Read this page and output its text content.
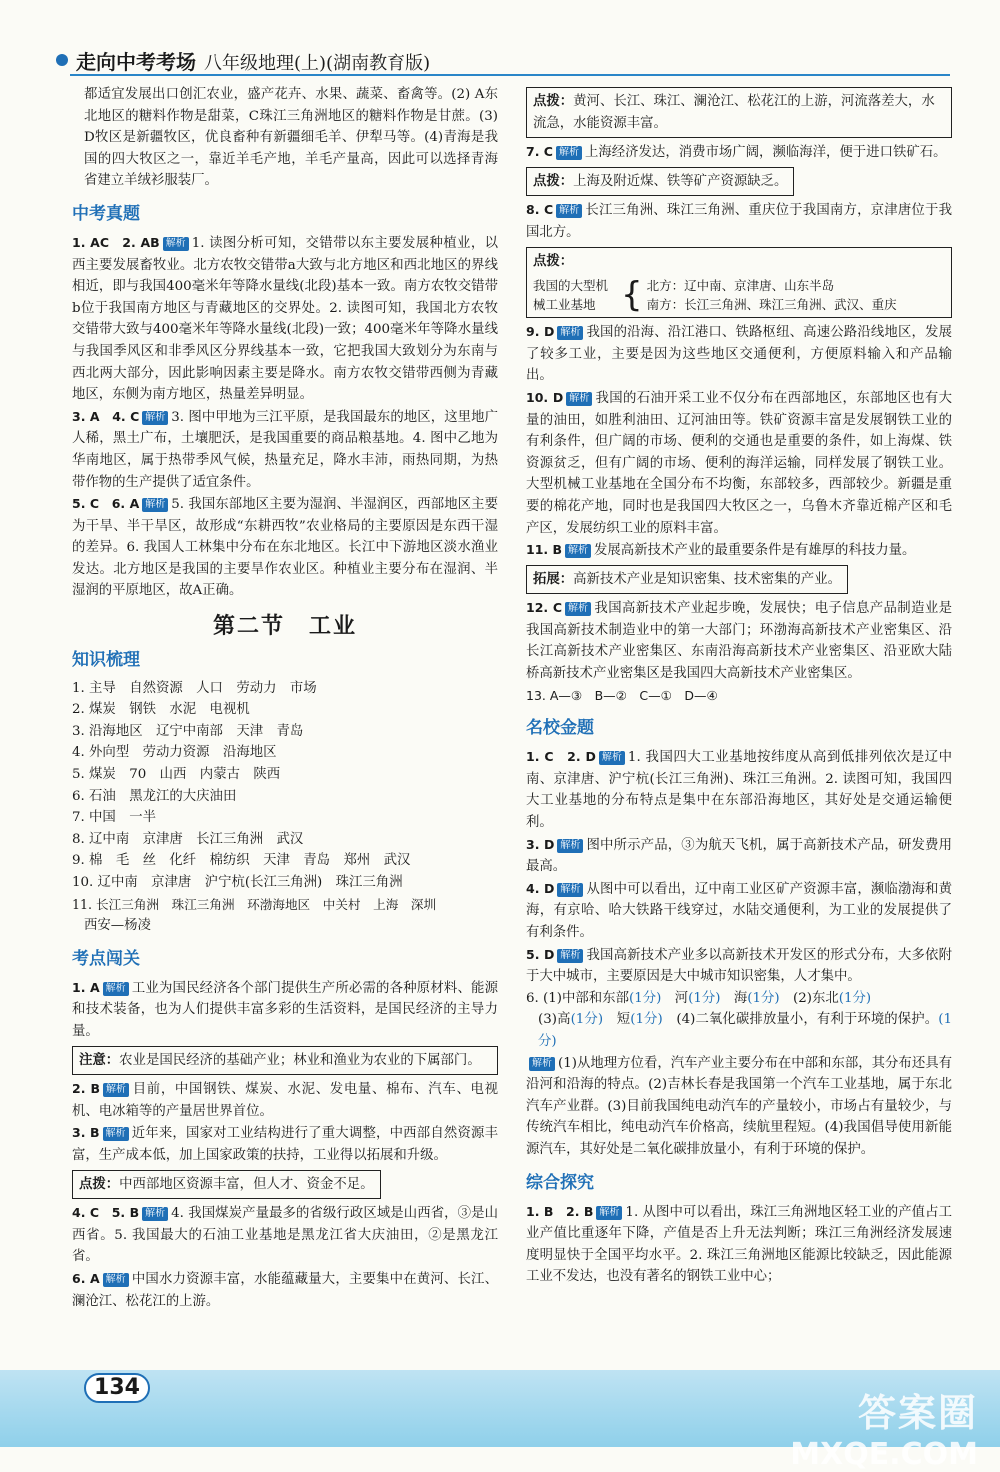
走向中考考场 八年级地理(上)(湖南教育版)
都适宜发展出口创汇农业，盛产花卉、水果、蔬菜、畜禽等。(2) A东北地区的糖料作物是甜菜，C珠江三角洲地区的糖料作物是甘蔗。(3) D牧区是新疆牧区，优良畜种有新疆细毛羊、伊犁马等。(4)青海是我国的四大牧区之一，靠近羊毛产地，羊毛产量高，因此可以选择青海省建立羊绒衫服装厂。
中考真题
1. AC　2. AB 解析 1. 读图分析可知，交错带以东主要发展种植业，以西主要发展畜牧业。北方农牧交错带a大致与北方地区和西北地区的界线相近，即与我国400毫米年等降水量线(北段)基本一致。南方农牧交错带b位于我国南方地区与青藏地区的交界处。2. 读图可知，我国北方农牧交错带大致与400毫米年等降水量线(北段)一致；400毫米年等降水量线与我国季风区和非季风区分界线基本一致，它把我国大致划分为东南与西北两大部分，因此影响因素主要是降水。南方农牧交错带西侧为青藏地区，东侧为南方地区，热量差异明显。
3. A　4. C 解析 3. 图中甲地为三江平原，是我国最东的地区，这里地广人稀，黑土广布，土壤肥沃，是我国重要的商品粮基地。4. 图中乙地为华南地区，属于热带季风气候，热量充足，降水丰沛，雨热同期，为热带作物的生产提供了适宜条件。
5. C　6. A 解析 5. 我国东部地区主要为湿润、半湿润区，西部地区主要为干旱、半干旱区，故形成“东耕西牧”农业格局的主要原因是东西干湿的差异。6. 我国人工林集中分布在东北地区。长江中下游地区淡水渔业发达。北方地区是我国的主要旱作农业区。种植业主要分布在湿润、半湿润的平原地区，故A正确。
第二节　工业
知识梳理
1. 主导　自然资源　人口　劳动力　市场
2. 煤炭　钢铁　水泥　电视机
3. 沿海地区　辽宁中南部　天津　青岛
4. 外向型　劳动力资源　沿海地区
5. 煤炭　70　山西　内蒙古　陕西
6. 石油　黑龙江的大庆油田
7. 中国　一半
8. 辽中南　京津唐　长江三角洲　武汉
9. 棉　毛　丝　化纤　棉纺织　天津　青岛　郑州　武汉
10. 辽中南　京津唐　沪宁杭(长江三角洲)　珠江三角洲
11. 长江三角洲　珠江三角洲　环渤海地区　中关村　上海　深圳
西安—杨凌
考点闯关
1. A 解析 工业为国民经济各个部门提供生产所必需的各种原材料、能源和技术装备，也为人们提供丰富多彩的生活资料，是国民经济的主导力量。
注意：农业是国民经济的基础产业；林业和渔业为农业的下属部门。
2. B 解析 目前，中国钢铁、煤炭、水泥、发电量、棉布、汽车、电视机、电冰箱等的产量居世界首位。
3. B 解析 近年来，国家对工业结构进行了重大调整，中西部自然资源丰富，生产成本低，加上国家政策的扶持，工业得以拓展和升级。
点拨：中西部地区资源丰富，但人才、资金不足。
4. C　5. B 解析 4. 我国煤炭产量最多的省级行政区域是山西省，③是山西省。5. 我国最大的石油工业基地是黑龙江省大庆油田，②是黑龙江省。
6. A 解析 中国水力资源丰富，水能蕴藏量大，主要集中在黄河、长江、澜沧江、松花江的上游。
点拨：黄河、长江、珠江、澜沧江、松花江的上游，河流落差大，水流急，水能资源丰富。
7. C 解析 上海经济发达，消费市场广阔，濒临海洋，便于进口铁矿石。
点拨：上海及附近煤、铁等矿产资源缺乏。
8. C 解析 长江三角洲、珠江三角洲、重庆位于我国南方，京津唐位于我国北方。
点拨：
我国的大型机械工业基地 { 北方：辽中南、京津唐、山东半岛
南方：长江三角洲、珠江三角洲、武汉、重庆
9. D 解析 我国的沿海、沿江港口、铁路枢纽、高速公路沿线地区，发展了较多工业，主要是因为这些地区交通便利，方便原料输入和产品输出。
10. D 解析 我国的石油开采工业不仅分布在西部地区，东部地区也有大量的油田，如胜利油田、辽河油田等。铁矿资源丰富是发展钢铁工业的有利条件，但广阔的市场、便利的交通也是重要的条件，如上海煤、铁资源贫乏，但有广阔的市场、便利的海洋运输，同样发展了钢铁工业。大型机械工业基地在全国分布不均衡，东部较多，西部较少。新疆是重要的棉花产地，同时也是我国四大牧区之一，乌鲁木齐靠近棉产区和毛产区，发展纺织工业的原料丰富。
11. B 解析 发展高新技术产业的最重要条件是有雄厚的科技力量。
拓展：高新技术产业是知识密集、技术密集的产业。
12. C 解析 我国高新技术产业起步晚，发展快；电子信息产品制造业是我国高新技术制造业中的第一大部门；环渤海高新技术产业密集区、沿长江高新技术产业密集区、东南沿海高新技术产业密集区、沿亚欧大陆桥高新技术产业密集区是我国四大高新技术产业密集区。
13. A—③　B—②　C—①　D—④
名校金题
1. C　2. D 解析 1. 我国四大工业基地按纬度从高到低排列依次是辽中南、京津唐、沪宁杭(长江三角洲)、珠江三角洲。2. 读图可知，我国四大工业基地的分布特点是集中在东部沿海地区，其好处是交通运输便利。
3. D 解析 图中所示产品，③为航天飞机，属于高新技术产品，研发费用最高。
4. D 解析 从图中可以看出，辽中南工业区矿产资源丰富，濒临渤海和黄海，有京哈、哈大铁路干线穿过，水陆交通便利，为工业的发展提供了有利条件。
5. D 解析 我国高新技术产业多以高新技术开发区的形式分布，大多依附于大中城市，主要原因是大中城市知识密集，人才集中。
6. (1)中部和东部(1分)　河(1分)　海(1分)　(2)东北(1分)
(3)高(1分)　短(1分)　(4)二氧化碳排放量小，有利于环境的保护。(1分)
解析 (1)从地理方位看，汽车产业主要分布在中部和东部，其分布还具有沿河和沿海的特点。(2)吉林长春是我国第一个汽车工业基地，属于东北汽车产业群。(3)目前我国纯电动汽车的产量较小，市场占有量较少，与传统汽车相比，纯电动汽车价格高，续航里程短。(4)我国倡导使用新能源汽车，其好处是二氧化碳排放量小，有利于环境的保护。
综合探究
1. B　2. B 解析 1. 从图中可以看出，珠江三角洲地区轻工业的产值占工业产值比重逐年下降，产值是否上升无法判断；珠江三角洲经济发展速度明显快于全国平均水平。2. 珠江三角洲地区能源比较缺乏，因此能源工业不发达，也没有著名的钢铁工业中心；
134
答案圈
MXQE.COM
